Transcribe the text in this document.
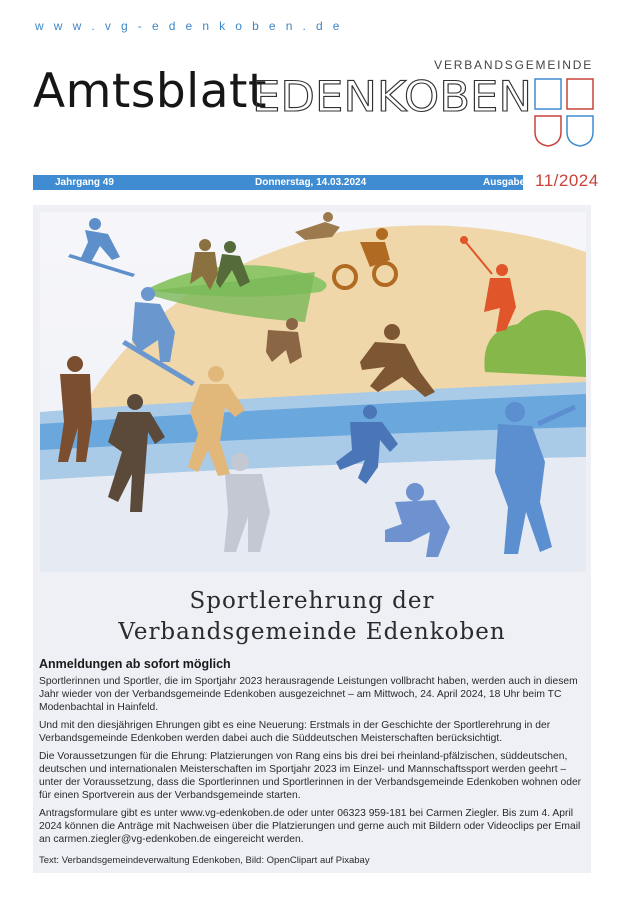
w w w . v g - e d e n k o b e n . d e
Amtsblatt	VERBANDSGEMEINDE
EDENKOBEN
Jahrgang 49	Donnerstag, 14.03.2024	Ausgabe 11/2024
Sportlerehrung der
Verbandsgemeinde Edenkoben
Anmeldungen ab sofort möglich

Sportlerinnen und Sportler, die im Sportjahr 2023 herausragende Leistungen vollbracht haben, werden auch in diesem Jahr wieder von der Verbandsgemeinde Edenkoben ausgezeichnet – am Mittwoch, 24. April 2024, 18 Uhr beim TC Modenbachtal in Hainfeld.

Und mit den diesjährigen Ehrungen gibt es eine Neuerung: Erstmals in der Geschichte der Sportlerehrung in der Verbandsgemeinde Edenkoben werden dabei auch die Süddeutschen Meisterschaften berücksichtigt.

Die Voraussetzungen für die Ehrung: Platzierungen von Rang eins bis drei bei rheinland-pfälzischen, süddeutschen, deutschen und internationalen Meisterschaften im Sportjahr 2023 im Einzel- und Mannschaftssport werden geehrt – unter der Voraussetzung, dass die Sportlerinnen und Sportlerinnen in der Verbandsgemeinde Edenkoben wohnen oder für einen Sportverein aus der Verbandsgemeinde starten.

Antragsformulare gibt es unter www.vg-edenkoben.de oder unter 06323 959-181 bei Carmen Ziegler. Bis zum 4. April 2024 können die Anträge mit Nachweisen über die Platzierungen und gerne auch mit Bildern oder Videoclips per Email an carmen.ziegler@vg-edenkoben.de eingereicht werden.

Text: Verbandsgemeindeverwaltung Edenkoben, Bild: OpenClipart auf Pixabay
